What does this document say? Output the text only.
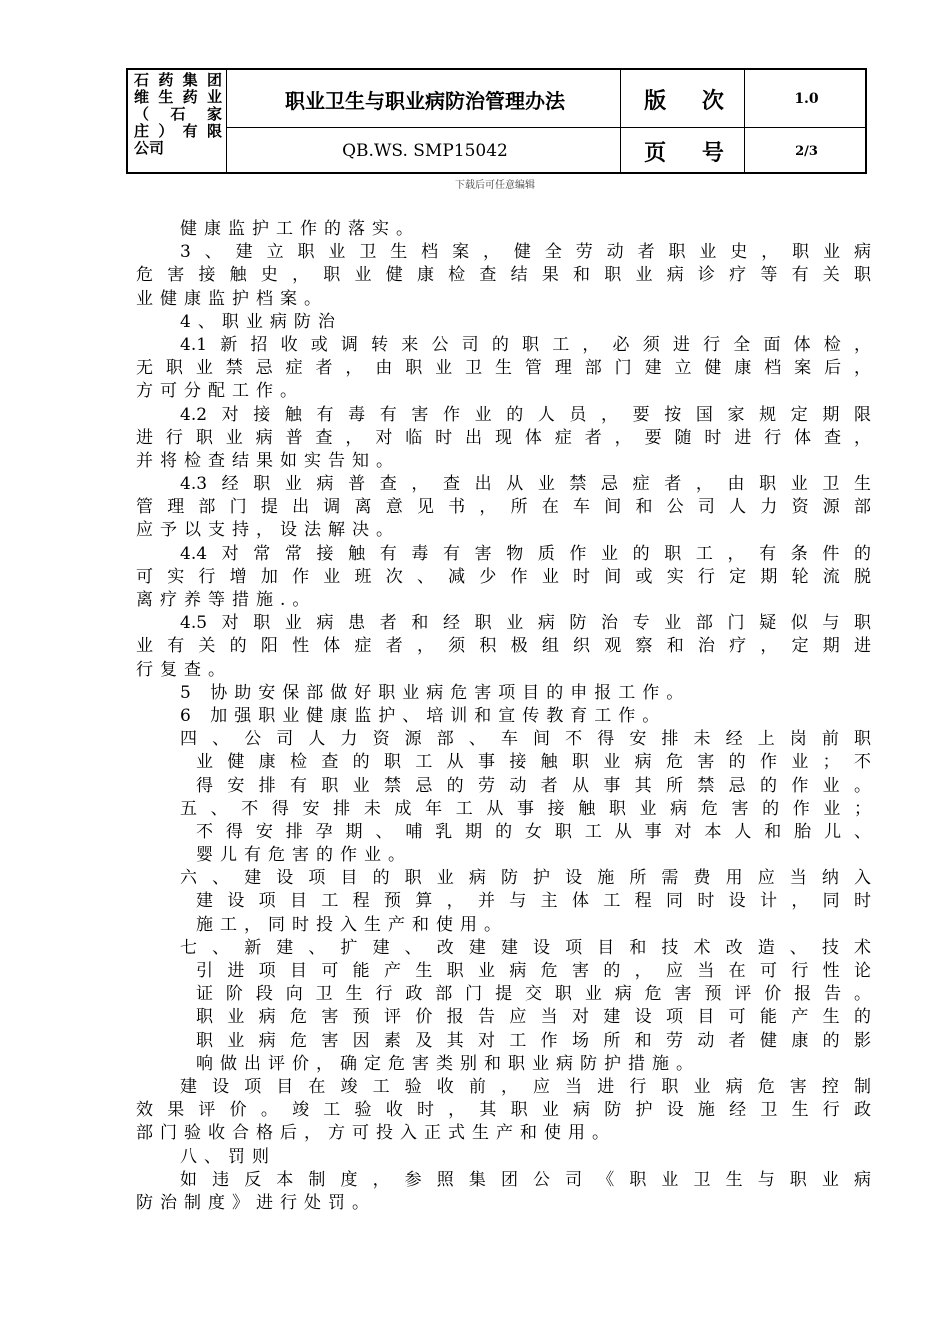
石药集团
维生药业
（石家
庄）有限
公司
职业卫生与职业病防治管理办法
QB.WS. SMP15042
版 次
页 号
1.0
2/3
下载后可任意编辑
健康监护工作的落实。
3、建立职业卫生档案，健全劳动者职业史，职业病
危害接触史，职业健康检查结果和职业病诊疗等有关职
业健康监护档案。
4、职业病防治
4.1新招收或调转来公司的职工，必须进行全面体检，
无职业禁忌症者，由职业卫生管理部门建立健康档案后，
方可分配工作。
4.2对接触有毒有害作业的人员，要按国家规定期限
进行职业病普查，对临时出现体症者，要随时进行体查，
并将检查结果如实告知。
4.3经职业病普查，查出从业禁忌症者，由职业卫生
管理部门提出调离意见书，所在车间和公司人力资源部
应予以支持，设法解决。
4.4对常常接触有毒有害物质作业的职工，有条件的
可实行增加作业班次、减少作业时间或实行定期轮流脱
离疗养等措施.。
4.5对职业病患者和经职业病防治专业部门疑似与职
业有关的阳性体症者，须积极组织观察和治疗，定期进
行复查。
5 协助安保部做好职业病危害项目的申报工作。
6 加强职业健康监护、培训和宣传教育工作。
四、公司人力资源部、车间不得安排未经上岗前职
业健康检查的职工从事接触职业病危害的作业；不
得安排有职业禁忌的劳动者从事其所禁忌的作业。
五、不得安排未成年工从事接触职业病危害的作业；
不得安排孕期、哺乳期的女职工从事对本人和胎儿、
婴儿有危害的作业。
六、建设项目的职业病防护设施所需费用应当纳入
建设项目工程预算，并与主体工程同时设计，同时
施工，同时投入生产和使用。
七、新建、扩建、改建建设项目和技术改造、技术
引进项目可能产生职业病危害的，应当在可行性论
证阶段向卫生行政部门提交职业病危害预评价报告。
职业病危害预评价报告应当对建设项目可能产生的
职业病危害因素及其对工作场所和劳动者健康的影
响做出评价，确定危害类别和职业病防护措施。
建设项目在竣工验收前，应当进行职业病危害控制
效果评价。竣工验收时，其职业病防护设施经卫生行政
部门验收合格后，方可投入正式生产和使用。
八、罚则
如违反本制度，参照集团公司《职业卫生与职业病
防治制度》进行处罚。
